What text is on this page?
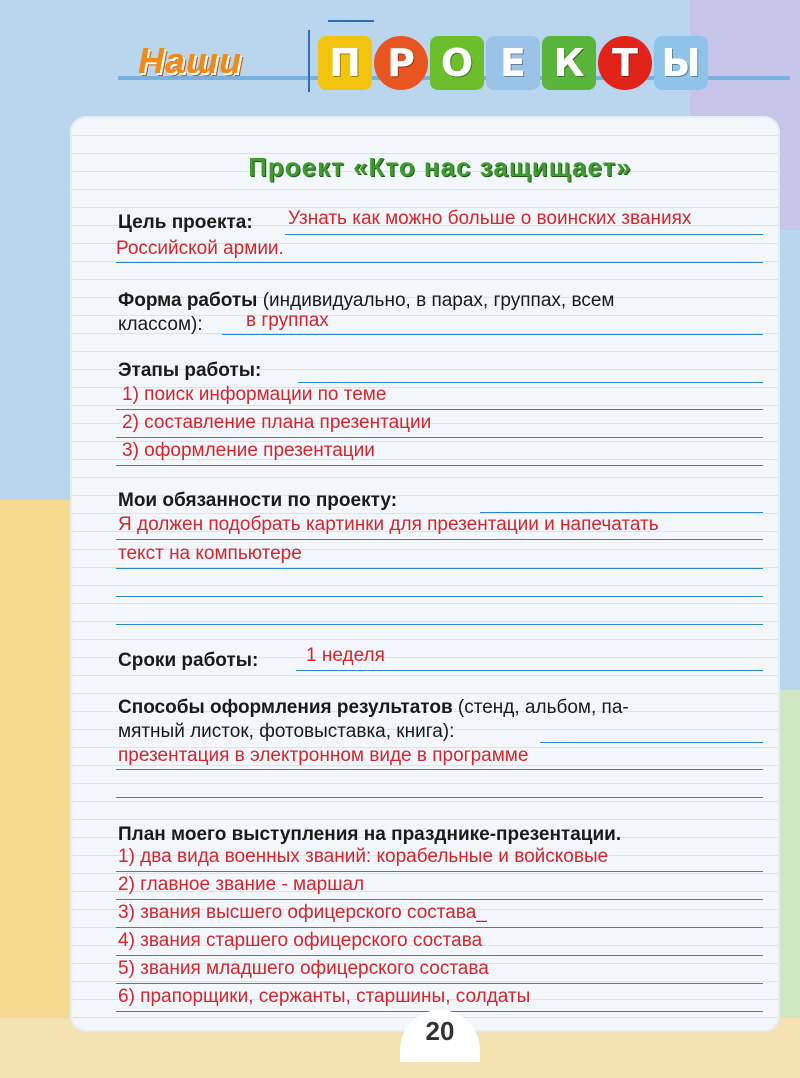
Наши П Р О Е К Т Ы
Проект «Кто нас защищает»
Цель проекта: Узнать как можно больше о воинских званиях
Российской армии.
Форма работы (индивидуально, в парах, группах, всем
классом): в группах
Этапы работы:
1) поиск информации по теме
2) составление плана презентации
3) оформление презентации
Мои обязанности по проекту:
Я должен подобрать картинки для презентации и напечатать
текст на компьютере
Сроки работы:	1 неделя
Способы оформления результатов (стенд, альбом, па-
мятный листок, фотовыставка, книга):
презентация в электронном виде в программе
План моего выступления на празднике-презентации.
1) два вида военных званий: корабельные и войсковые
2) главное звание - маршал
3) звания высшего офицерского состава_
4) звания старшего офицерского состава
5) звания младшего офицерского состава
6) прапорщики, сержанты, старшины, солдаты
20
